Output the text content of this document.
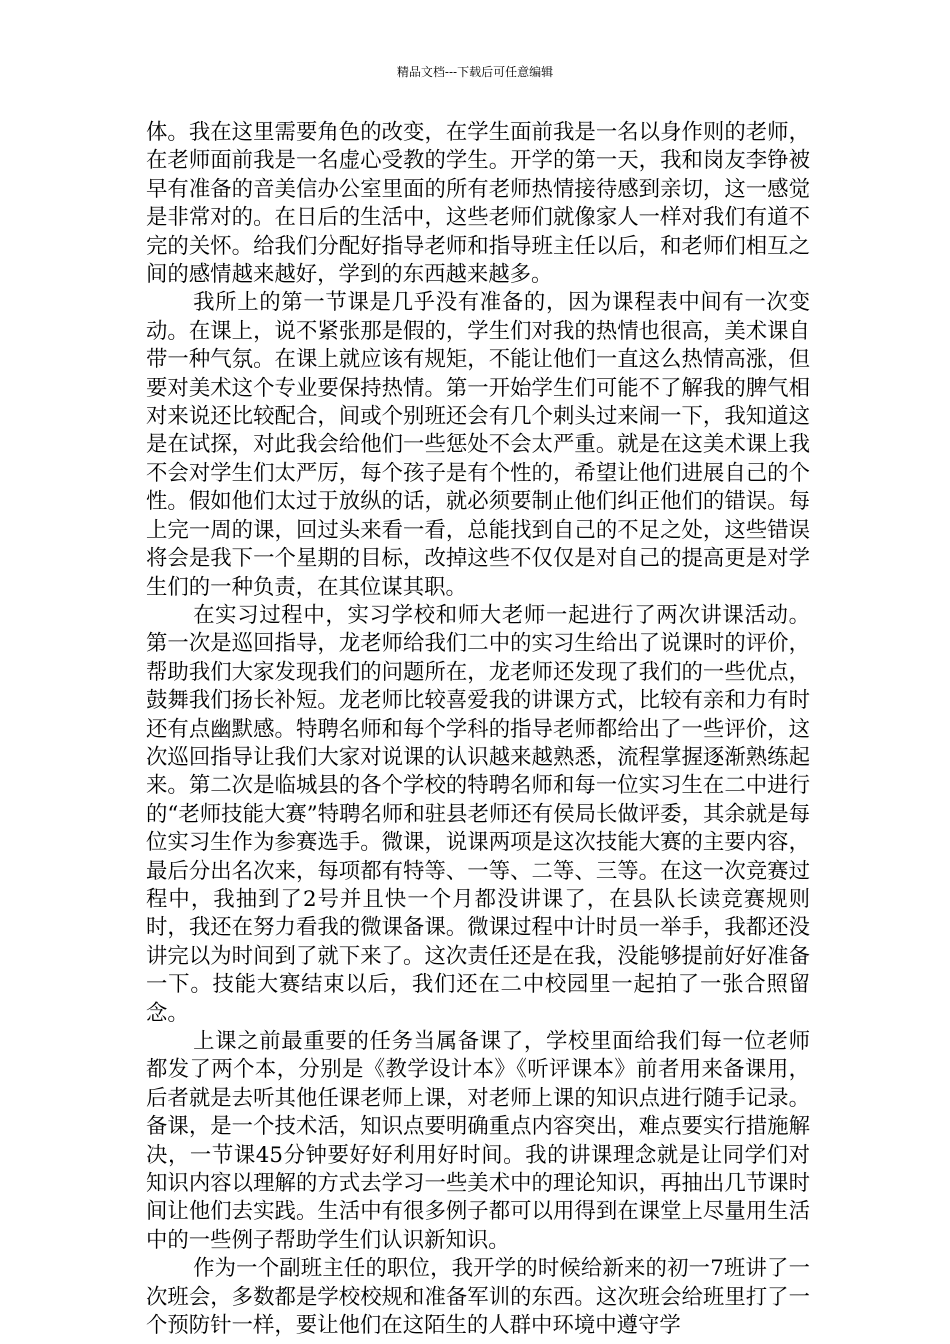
精品文档---下载后可任意编辑

体。我在这里需要角色的改变，在学生面前我是一名以身作则的老师，在老师面前我是一名虚心受教的学生。开学的第一天，我和岗友李铮被早有准备的音美信办公室里面的所有老师热情接待感到亲切，这一感觉是非常对的。在日后的生活中，这些老师们就像家人一样对我们有道不完的关怀。给我们分配好指导老师和指导班主任以后，和老师们相互之间的感情越来越好，学到的东西越来越多。

我所上的第一节课是几乎没有准备的，因为课程表中间有一次变动。在课上，说不紧张那是假的，学生们对我的热情也很高，美术课自带一种气氛。在课上就应该有规矩，不能让他们一直这么热情高涨，但要对美术这个专业要保持热情。第一开始学生们可能不了解我的脾气相对来说还比较配合，间或个别班还会有几个刺头过来闹一下，我知道这是在试探，对此我会给他们一些惩处不会太严重。就是在这美术课上我不会对学生们太严厉，每个孩子是有个性的，希望让他们进展自己的个性。假如他们太过于放纵的话，就必须要制止他们纠正他们的错误。每上完一周的课，回过头来看一看，总能找到自己的不足之处，这些错误将会是我下一个星期的目标，改掉这些不仅仅是对自己的提高更是对学生们的一种负责，在其位谋其职。

在实习过程中，实习学校和师大老师一起进行了两次讲课活动。第一次是巡回指导，龙老师给我们二中的实习生给出了说课时的评价，帮助我们大家发现我们的问题所在，龙老师还发现了我们的一些优点，鼓舞我们扬长补短。龙老师比较喜爱我的讲课方式，比较有亲和力有时还有点幽默感。特聘名师和每个学科的指导老师都给出了一些评价，这次巡回指导让我们大家对说课的认识越来越熟悉，流程掌握逐渐熟练起来。第二次是临城县的各个学校的特聘名师和每一位实习生在二中进行的“老师技能大赛”特聘名师和驻县老师还有侯局长做评委，其余就是每位实习生作为参赛选手。微课，说课两项是这次技能大赛的主要内容，最后分出名次来，每项都有特等、一等、二等、三等。在这一次竞赛过程中，我抽到了2号并且快一个月都没讲课了，在县队长读竞赛规则时，我还在努力看我的微课备课。微课过程中计时员一举手，我都还没讲完以为时间到了就下来了。这次责任还是在我，没能够提前好好准备一下。技能大赛结束以后，我们还在二中校园里一起拍了一张合照留念。

上课之前最重要的任务当属备课了，学校里面给我们每一位老师都发了两个本，分别是《教学设计本》《听评课本》前者用来备课用，后者就是去听其他任课老师上课，对老师上课的知识点进行随手记录。备课，是一个技术活，知识点要明确重点内容突出，难点要实行措施解决，一节课45分钟要好好利用好时间。我的讲课理念就是让同学们对知识内容以理解的方式去学习一些美术中的理论知识，再抽出几节课时间让他们去实践。生活中有很多例子都可以用得到在课堂上尽量用生活中的一些例子帮助学生们认识新知识。

作为一个副班主任的职位，我开学的时候给新来的初一7班讲了一次班会，多数都是学校校规和准备军训的东西。这次班会给班里打了一个预防针一样，要让他们在这陌生的人群中环境中遵守学
